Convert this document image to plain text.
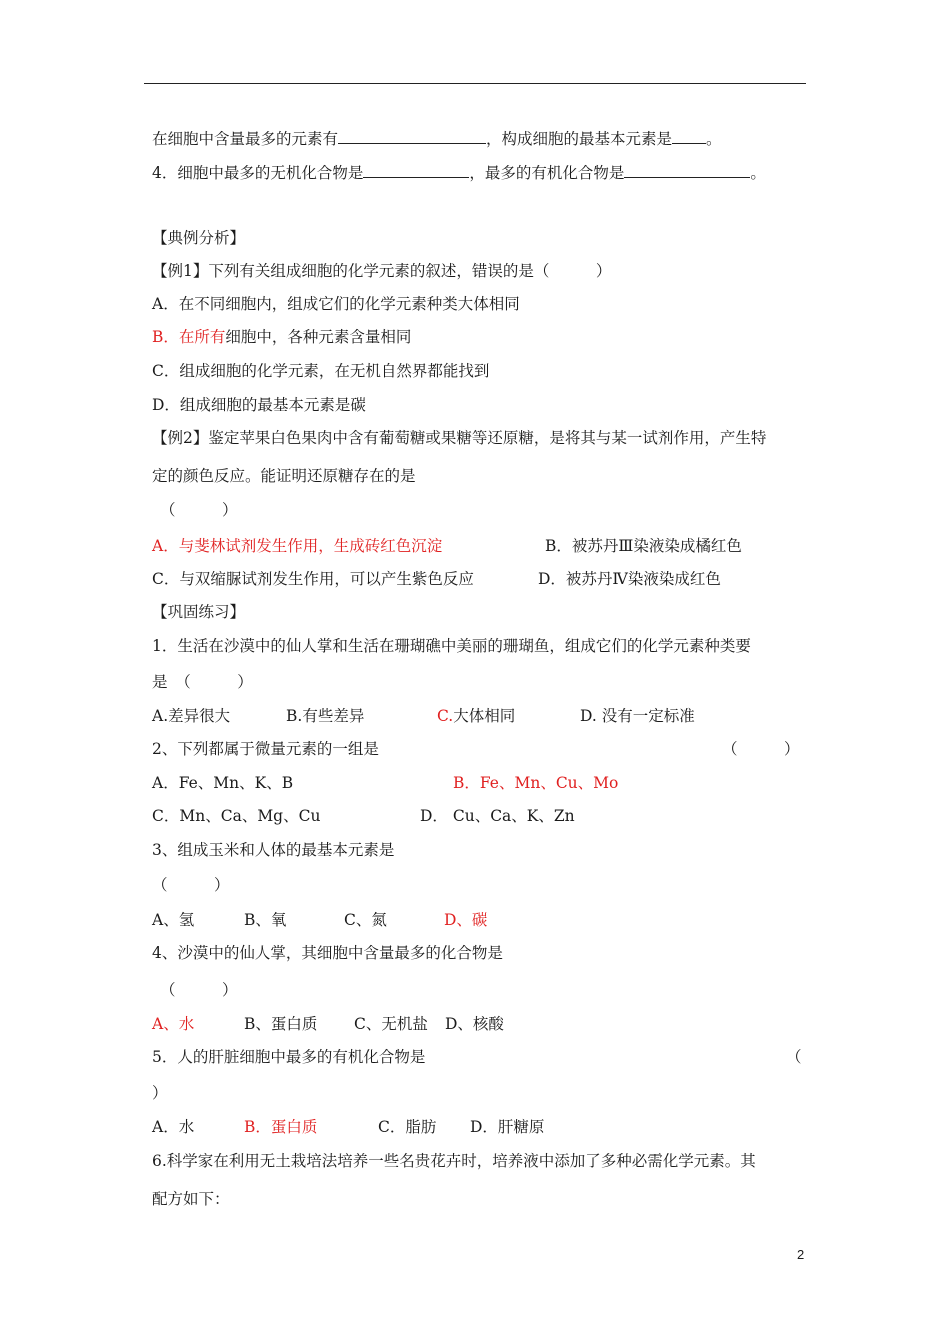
在细胞中含量最多的元素有	，构成细胞的最基本元素是 。
4．细胞中最多的无机化合物是	，最多的有机化合物是	。
【典例分析】
【例1】下列有关组成细胞的化学元素的叙述，错误的是（　　　）
A．在不同细胞内，组成它们的化学元素种类大体相同
B．在所有细胞中，各种元素含量相同
C．组成细胞的化学元素，在无机自然界都能找到
D．组成细胞的最基本元素是碳
【例2】鉴定苹果白色果肉中含有葡萄糖或果糖等还原糖，是将其与某一试剂作用，产生特
定的颜色反应。能证明还原糖存在的是
（　　　）
A．与斐林试剂发生作用，生成砖红色沉淀	B．被苏丹Ⅲ染液染成橘红色
C．与双缩脲试剂发生作用，可以产生紫色反应	D．被苏丹Ⅳ染液染成红色
【巩固练习】
1．生活在沙漠中的仙人掌和生活在珊瑚礁中美丽的珊瑚鱼，组成它们的化学元素种类要
是　（　　　）
A.差异很大	B.有些差异	C.大体相同	D. 没有一定标准
2、下列都属于微量元素的一组是	（　　　）
A．Fe、Mn、K、B	B．Fe、Mn、Cu、Mo
C．Mn、Ca、Mg、Cu	D． Cu、Ca、K、Zn
3、组成玉米和人体的最基本元素是
（　　　）
A、氢	B、氧	C、氮	D、碳
4、沙漠中的仙人掌，其细胞中含量最多的化合物是
（　　　）
A、水	B、蛋白质 C、无机盐 D、核酸
5．人的肝脏细胞中最多的有机化合物是	（
）
A．水	B．蛋白质	C．脂肪 D．肝糖原
6.科学家在利用无土栽培法培养一些名贵花卉时，培养液中添加了多种必需化学元素。其
配方如下：
2
